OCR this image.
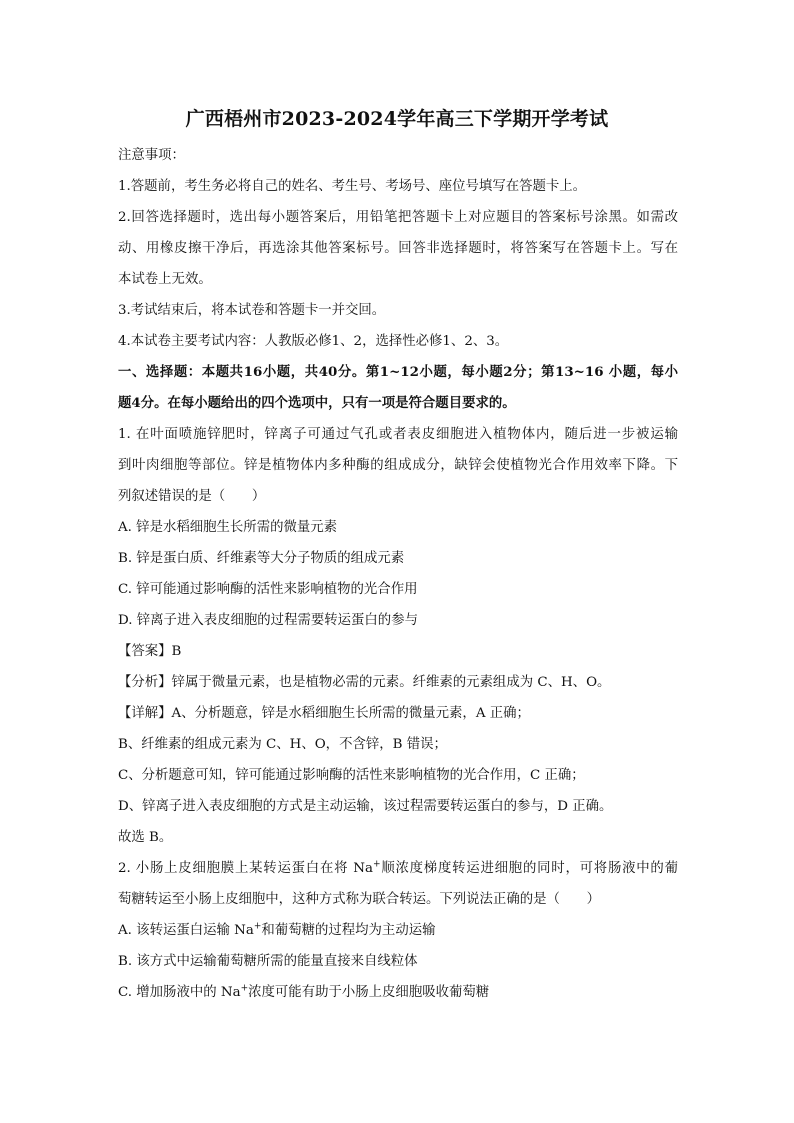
广西梧州市2023-2024学年高三下学期开学考试
注意事项：
1.答题前，考生务必将自己的姓名、考生号、考场号、座位号填写在答题卡上。
2.回答选择题时，选出每小题答案后，用铅笔把答题卡上对应题目的答案标号涂黑。如需改
动、用橡皮擦干净后，再选涂其他答案标号。回答非选择题时，将答案写在答题卡上。写在
本试卷上无效。
3.考试结束后，将本试卷和答题卡一并交回。
4.本试卷主要考试内容：人教版必修1、2，选择性必修1、2、3。
一、选择题：本题共16小题，共40分。第1~12小题，每小题2分；第13~16 小题，每小
题4分。在每小题给出的四个选项中，只有一项是符合题目要求的。
1. 在叶面喷施锌肥时，锌离子可通过气孔或者表皮细胞进入植物体内，随后进一步被运输
到叶肉细胞等部位。锌是植物体内多种酶的组成成分，缺锌会使植物光合作用效率下降。下
列叙述错误的是（　　）
A. 锌是水稻细胞生长所需的微量元素
B. 锌是蛋白质、纤维素等大分子物质的组成元素
C. 锌可能通过影响酶的活性来影响植物的光合作用
D. 锌离子进入表皮细胞的过程需要转运蛋白的参与
【答案】B
【分析】锌属于微量元素，也是植物必需的元素。纤维素的元素组成为 C、H、O。
【详解】A、分析题意，锌是水稻细胞生长所需的微量元素，A 正确；
B、纤维素的组成元素为 C、H、O，不含锌，B 错误；
C、分析题意可知，锌可能通过影响酶的活性来影响植物的光合作用，C 正确；
D、锌离子进入表皮细胞的方式是主动运输，该过程需要转运蛋白的参与，D 正确。
故选 B。
2. 小肠上皮细胞膜上某转运蛋白在将 Na+顺浓度梯度转运进细胞的同时，可将肠液中的葡
萄糖转运至小肠上皮细胞中，这种方式称为联合转运。下列说法正确的是（　　）
A. 该转运蛋白运输 Na+和葡萄糖的过程均为主动运输
B. 该方式中运输葡萄糖所需的能量直接来自线粒体
C. 增加肠液中的 Na+浓度可能有助于小肠上皮细胞吸收葡萄糖
